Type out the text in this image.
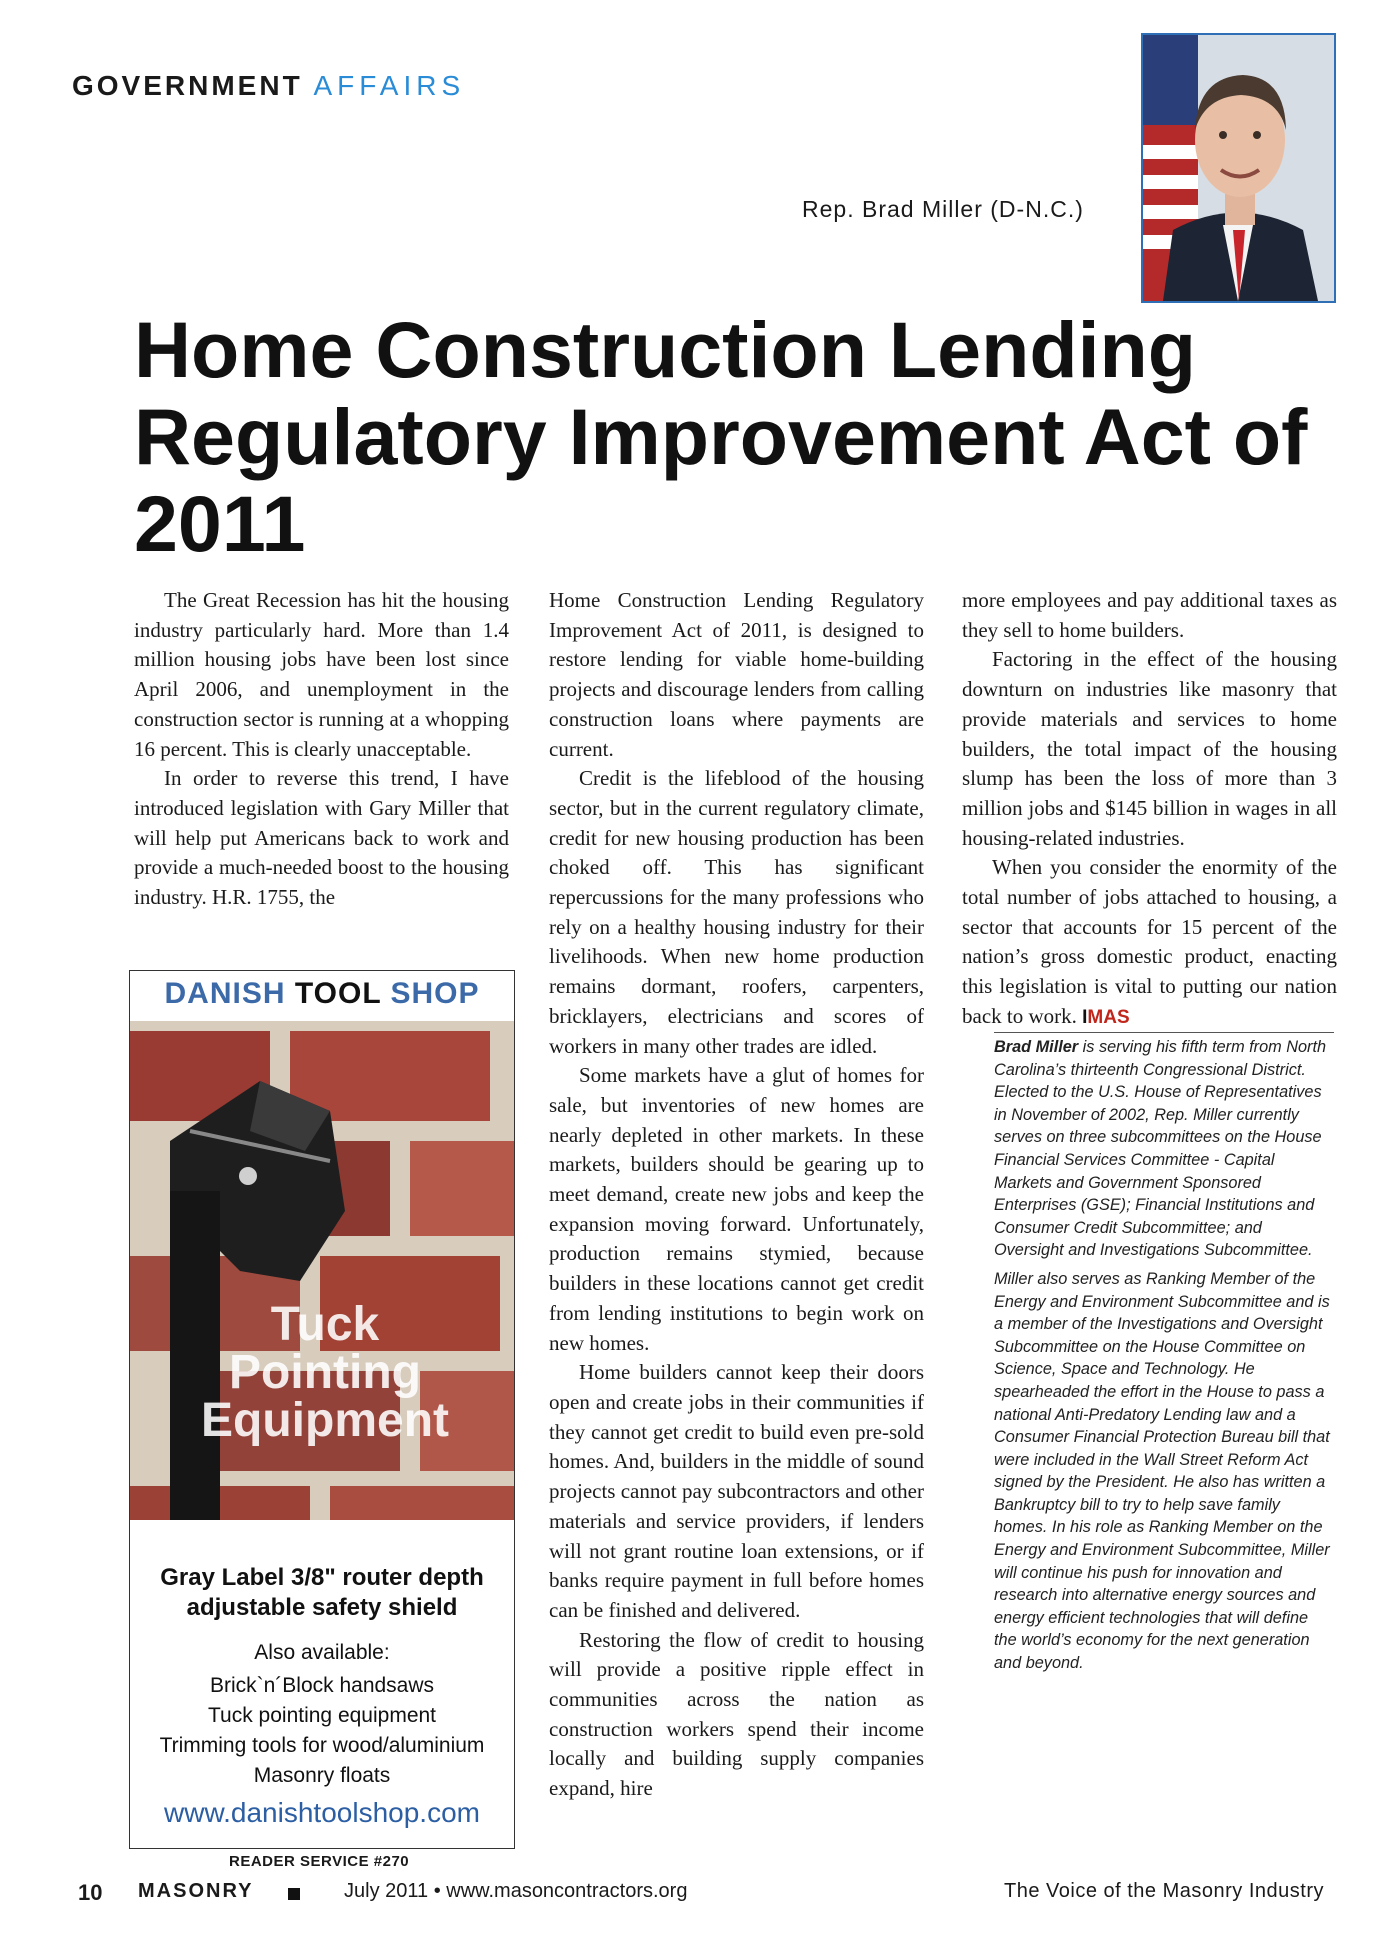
GOVERNMENT AFFAIRS
Rep. Brad Miller (D-N.C.)
Home Construction Lending Regulatory Improvement Act of 2011

The Great Recession has hit the housing industry particularly hard. More than 1.4 million housing jobs have been lost since April 2006, and unemployment in the construction sector is running at a whopping 16 percent. This is clearly unacceptable.

In order to reverse this trend, I have introduced legislation with Gary Miller that will help put Americans back to work and provide a much-needed boost to the housing industry. H.R. 1755, the

Home Construction Lending Regulatory Improvement Act of 2011, is designed to restore lending for viable home-building projects and discourage lenders from calling construction loans where payments are current.

Credit is the lifeblood of the housing sector, but in the current regulatory climate, credit for new housing production has been choked off. This has significant repercussions for the many professions who rely on a healthy housing industry for their livelihoods. When new home production remains dormant, roofers, carpenters, bricklayers, electricians and scores of workers in many other trades are idled.

Some markets have a glut of homes for sale, but inventories of new homes are nearly depleted in other markets. In these markets, builders should be gearing up to meet demand, create new jobs and keep the expansion moving forward. Unfortunately, production remains stymied, because builders in these locations cannot get credit from lending institutions to begin work on new homes.

Home builders cannot keep their doors open and create jobs in their communities if they cannot get credit to build even pre-sold homes. And, builders in the middle of sound projects cannot pay subcontractors and other materials and service providers, if lenders will not grant routine loan extensions, or if banks require payment in full before homes can be finished and delivered.

Restoring the flow of credit to housing will provide a positive ripple effect in communities across the nation as construction workers spend their income locally and building supply companies expand, hire

more employees and pay additional taxes as they sell to home builders.

Factoring in the effect of the housing downturn on industries like masonry that provide materials and services to home builders, the total impact of the housing slump has been the loss of more than 3 million jobs and $145 billion in wages in all housing-related industries.

When you consider the enormity of the total number of jobs attached to housing, a sector that accounts for 15 percent of the nation’s gross domestic product, enacting this legislation is vital to putting our nation back to work. IMAS

Brad Miller is serving his fifth term from North Carolina’s thirteenth Congressional District. Elected to the U.S. House of Representatives in November of 2002, Rep. Miller currently serves on three subcommittees on the House Financial Services Committee - Capital Markets and Government Sponsored Enterprises (GSE); Financial Institutions and Consumer Credit Subcommittee; and Oversight and Investigations Subcommittee.

Miller also serves as Ranking Member of the Energy and Environment Subcommittee and is a member of the Investigations and Oversight Subcommittee on the House Committee on Science, Space and Technology. He spearheaded the effort in the House to pass a national Anti-Predatory Lending law and a Consumer Financial Protection Bureau bill that were included in the Wall Street Reform Act signed by the President. He also has written a Bankruptcy bill to try to help save family homes. In his role as Ranking Member on the Energy and Environment Subcommittee, Miller will continue his push for innovation and research into alternative energy sources and energy efficient technologies that will define the world’s economy for the next generation and beyond.

DANISH TOOL SHOP
Tuck
Pointing
Equipment
Gray Label 3/8" router depth adjustable safety shield
Also available:
Brick`n´Block handsaws
Tuck pointing equipment
Trimming tools for wood/aluminium
Masonry floats
www.danishtoolshop.com
READER SERVICE #270
10 MASONRY	July 2011 • www.masoncontractors.org	The Voice of the Masonry Industry
